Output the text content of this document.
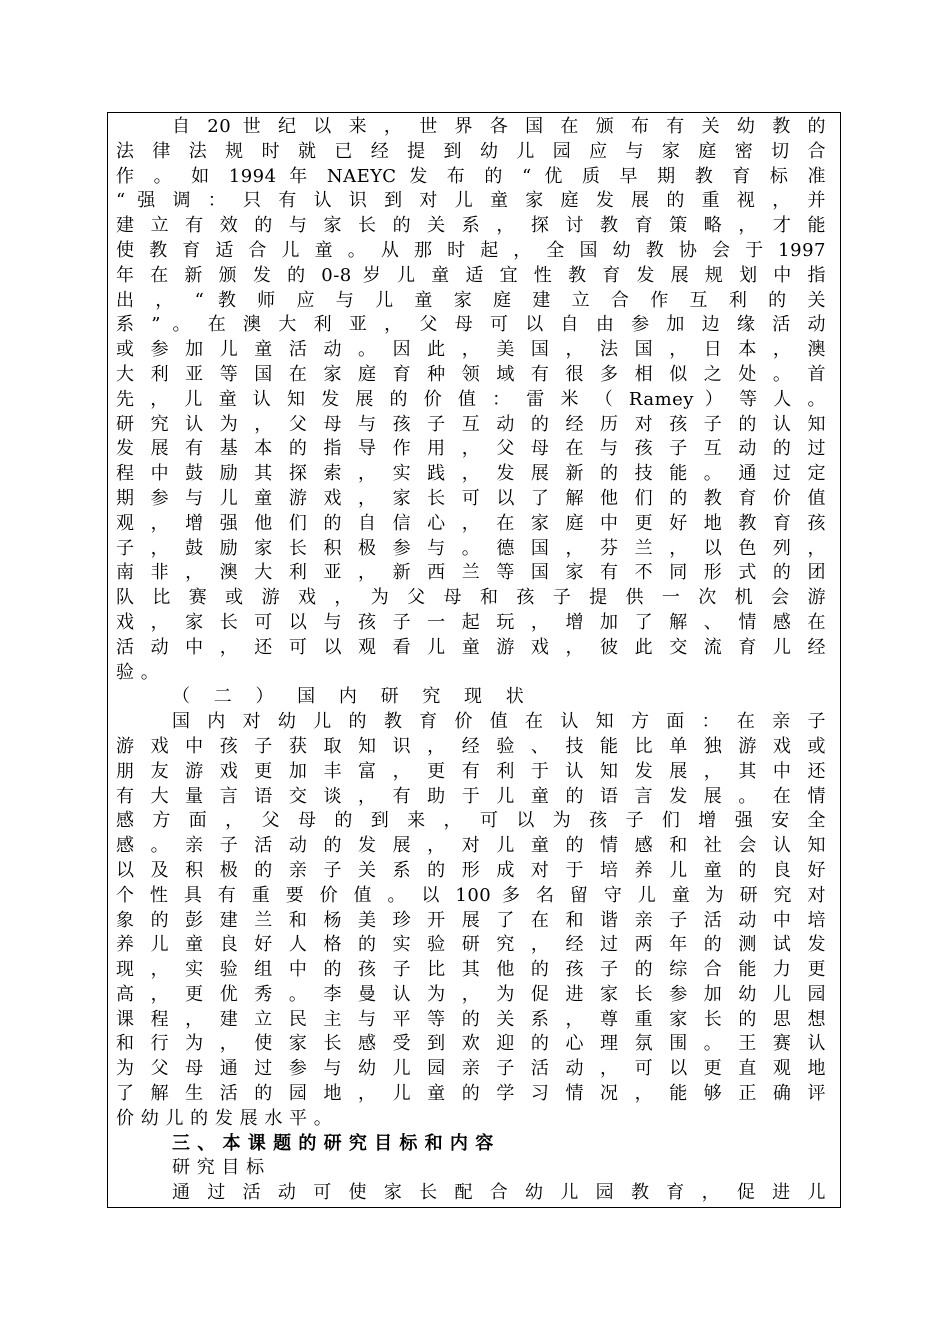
自 20 世 纪 以 来 ， 世 界 各 国 在 颁 布 有 关 幼 教 的
法 律 法 规 时 就 已 经 提 到 幼 儿 园 应 与 家 庭 密 切 合
作 。 如 1994 年 NAEYC 发 布 的 “ 优 质 早 期 教 育 标 准
“ 强 调 ： 只 有 认 识 到 对 儿 童 家 庭 发 展 的 重 视 ， 并
建 立 有 效 的 与 家 长 的 关 系 ， 探 讨 教 育 策 略 ， 才 能
使 教 育 适 合 儿 童 。 从 那 时 起 ， 全 国 幼 教 协 会 于 1997
年 在 新 颁 发 的 0-8 岁 儿 童 适 宜 性 教 育 发 展 规 划 中 指
出 ， “ 教 师 应 与 儿 童 家 庭 建 立 合 作 互 利 的 关
系 ” 。 在 澳 大 利 亚 ， 父 母 可 以 自 由 参 加 边 缘 活 动
或 参 加 儿 童 活 动 。 因 此 ， 美 国 ， 法 国 ， 日 本 ， 澳
大 利 亚 等 国 在 家 庭 育 种 领 域 有 很 多 相 似 之 处 。 首
先 ， 儿 童 认 知 发 展 的 价 值 ： 雷 米 （ Ramey ） 等 人 。
研 究 认 为 ， 父 母 与 孩 子 互 动 的 经 历 对 孩 子 的 认 知
发 展 有 基 本 的 指 导 作 用 ， 父 母 在 与 孩 子 互 动 的 过
程 中 鼓 励 其 探 索 ， 实 践 ， 发 展 新 的 技 能 。 通 过 定
期 参 与 儿 童 游 戏 ， 家 长 可 以 了 解 他 们 的 教 育 价 值
观 ， 增 强 他 们 的 自 信 心 ， 在 家 庭 中 更 好 地 教 育 孩
子 ， 鼓 励 家 长 积 极 参 与 。 德 国 ， 芬 兰 ， 以 色 列 ，
南 非 ， 澳 大 利 亚 ， 新 西 兰 等 国 家 有 不 同 形 式 的 团
队 比 赛 或 游 戏 ， 为 父 母 和 孩 子 提 供 一 次 机 会 游
戏 ， 家 长 可 以 与 孩 子 一 起 玩 ， 增 加 了 解 、 情 感 在
活 动 中 ， 还 可 以 观 看 儿 童 游 戏 ， 彼 此 交 流 育 儿 经
验 。
（ 二 ） 国 内 研 究 现 状
国 内 对 幼 儿 的 教 育 价 值 在 认 知 方 面 ： 在 亲 子
游 戏 中 孩 子 获 取 知 识 ， 经 验 、 技 能 比 单 独 游 戏 或
朋 友 游 戏 更 加 丰 富 ， 更 有 利 于 认 知 发 展 ， 其 中 还
有 大 量 言 语 交 谈 ， 有 助 于 儿 童 的 语 言 发 展 。 在 情
感 方 面 ， 父 母 的 到 来 ， 可 以 为 孩 子 们 增 强 安 全
感 。 亲 子 活 动 的 发 展 ， 对 儿 童 的 情 感 和 社 会 认 知
以 及 积 极 的 亲 子 关 系 的 形 成 对 于 培 养 儿 童 的 良 好
个 性 具 有 重 要 价 值 。 以 100 多 名 留 守 儿 童 为 研 究 对
象 的 彭 建 兰 和 杨 美 珍 开 展 了 在 和 谐 亲 子 活 动 中 培
养 儿 童 良 好 人 格 的 实 验 研 究 ， 经 过 两 年 的 测 试 发
现 ， 实 验 组 中 的 孩 子 比 其 他 的 孩 子 的 综 合 能 力 更
高 ， 更 优 秀 。 李 曼 认 为 ， 为 促 进 家 长 参 加 幼 儿 园
课 程 ， 建 立 民 主 与 平 等 的 关 系 ， 尊 重 家 长 的 思 想
和 行 为 ， 使 家 长 感 受 到 欢 迎 的 心 理 氛 围 。 王 赛 认
为 父 母 通 过 参 与 幼 儿 园 亲 子 活 动 ， 可 以 更 直 观 地
了 解 生 活 的 园 地 ， 儿 童 的 学 习 情 况 ， 能 够 正 确 评
价 幼 儿 的 发 展 水 平 。
三 、 本 课 题 的 研 究 目 标 和 内 容
研 究 目 标
通 过 活 动 可 使 家 长 配 合 幼 儿 园 教 育 ， 促 进 儿
